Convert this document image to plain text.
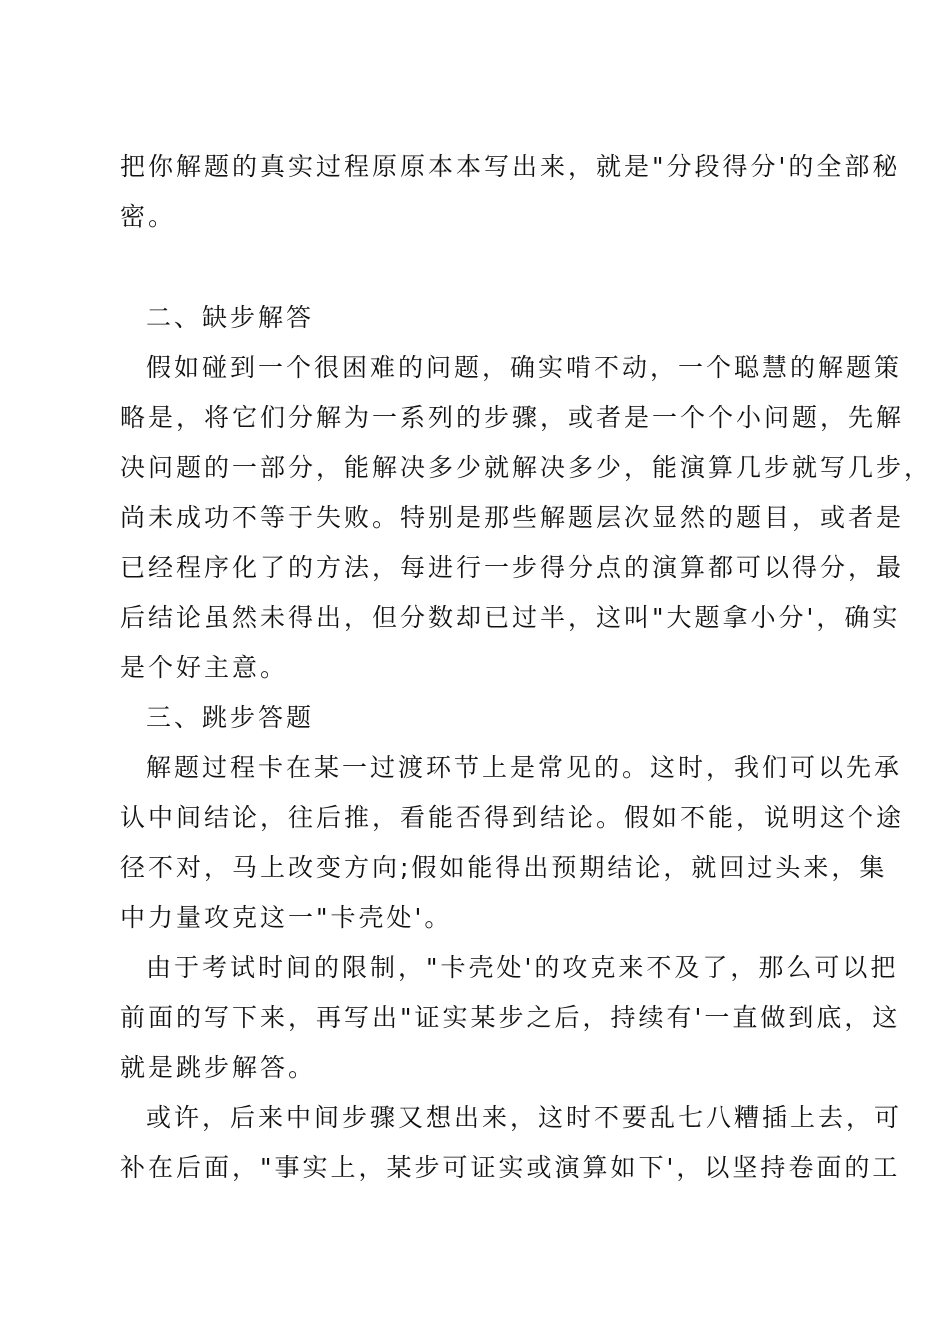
把你解题的真实过程原原本本写出来，就是"分段得分'的全部秘
密。
二、缺步解答
假如碰到一个很困难的问题，确实啃不动，一个聪慧的解题策
略是，将它们分解为一系列的步骤，或者是一个个小问题，先解
决问题的一部分，能解决多少就解决多少，能演算几步就写几步，
尚未成功不等于失败。特别是那些解题层次显然的题目，或者是
已经程序化了的方法，每进行一步得分点的演算都可以得分，最
后结论虽然未得出，但分数却已过半，这叫"大题拿小分'，确实
是个好主意。
三、跳步答题
解题过程卡在某一过渡环节上是常见的。这时，我们可以先承
认中间结论，往后推，看能否得到结论。假如不能，说明这个途
径不对，马上改变方向;假如能得出预期结论，就回过头来，集
中力量攻克这一"卡壳处'。
由于考试时间的限制，"卡壳处'的攻克来不及了，那么可以把
前面的写下来，再写出"证实某步之后，持续有'一直做到底，这
就是跳步解答。
或许，后来中间步骤又想出来，这时不要乱七八糟插上去，可
补在后面，"事实上，某步可证实或演算如下'，以坚持卷面的工
